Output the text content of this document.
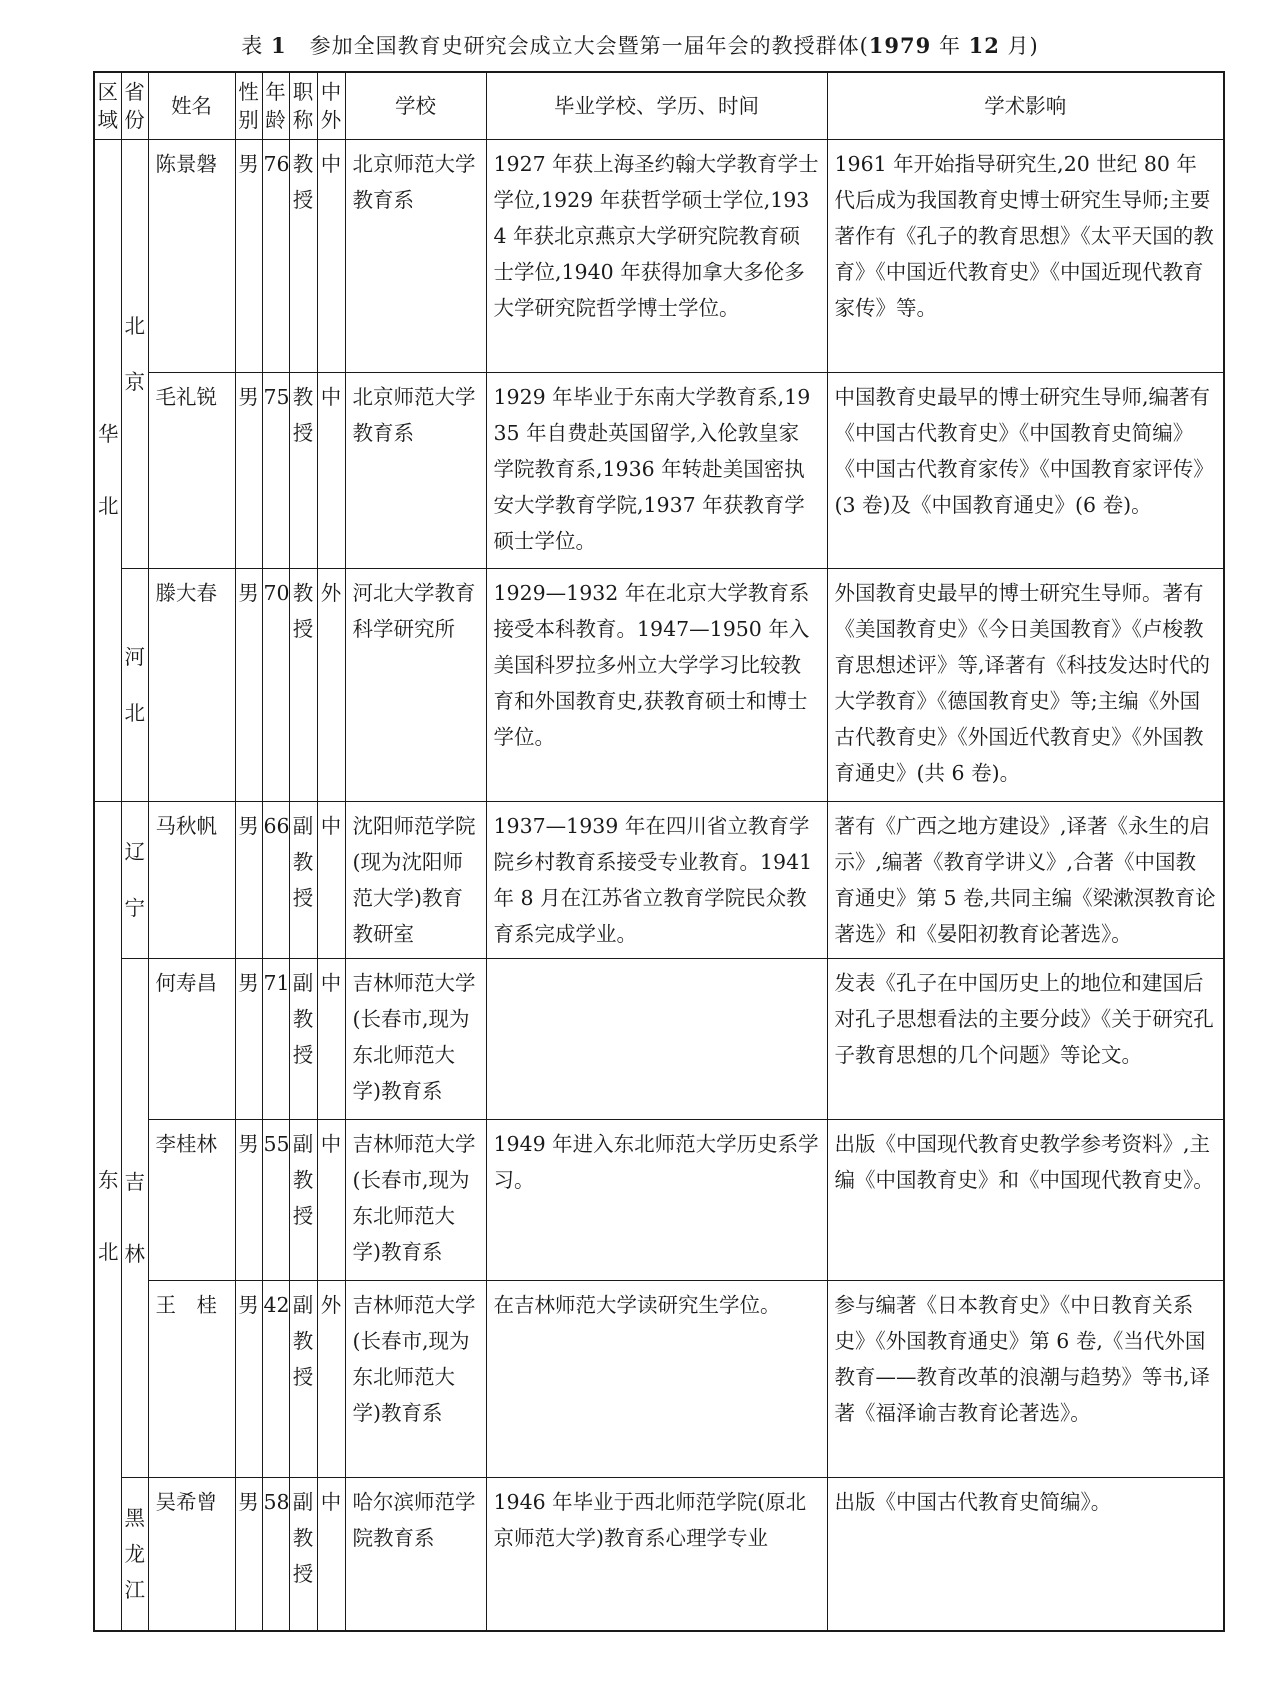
表 1 参加全国教育史研究会成立大会暨第一届年会的教授群体(1979 年 12 月)
区域	省份	姓名	性别	年龄	职称	中外	学校	毕业学校、学历、时间	学术影响
华北	北京	陈景磐	男	76	教授	中	北京师范大学教育系	1927 年获上海圣约翰大学教育学士学位,1929 年获哲学硕士学位,1934 年获北京燕京大学研究院教育硕士学位,1940 年获得加拿大多伦多大学研究院哲学博士学位。	1961 年开始指导研究生,20 世纪 80 年代后成为我国教育史博士研究生导师;主要著作有《孔子的教育思想》《太平天国的教育》《中国近代教育史》《中国近现代教育家传》等。
		毛礼锐	男	75	教授	中	北京师范大学教育系	1929 年毕业于东南大学教育系,1935 年自费赴英国留学,入伦敦皇家学院教育系,1936 年转赴美国密执安大学教育学院,1937 年获教育学硕士学位。	中国教育史最早的博士研究生导师,编著有《中国古代教育史》《中国教育史简编》《中国古代教育家传》《中国教育家评传》(3 卷)及《中国教育通史》(6 卷)。
	河北	滕大春	男	70	教授	外	河北大学教育科学研究所	1929—1932 年在北京大学教育系接受本科教育。1947—1950 年入美国科罗拉多州立大学学习比较教育和外国教育史,获教育硕士和博士学位。	外国教育史最早的博士研究生导师。著有《美国教育史》《今日美国教育》《卢梭教育思想述评》等,译著有《科技发达时代的大学教育》《德国教育史》等;主编《外国古代教育史》《外国近代教育史》《外国教育通史》(共 6 卷)。
东北	辽宁	马秋帆	男	66	副教授	中	沈阳师范学院(现为沈阳师范大学)教育教研室	1937—1939 年在四川省立教育学院乡村教育系接受专业教育。1941 年 8 月在江苏省立教育学院民众教育系完成学业。	著有《广西之地方建设》,译著《永生的启示》,编著《教育学讲义》,合著《中国教育通史》第 5 卷,共同主编《梁漱溟教育论著选》和《晏阳初教育论著选》。
	吉林	何寿昌	男	71	副教授	中	吉林师范大学(长春市,现为东北师范大学)教育系		发表《孔子在中国历史上的地位和建国后对孔子思想看法的主要分歧》《关于研究孔子教育思想的几个问题》等论文。
		李桂林	男	55	副教授	中	吉林师范大学(长春市,现为东北师范大学)教育系	1949 年进入东北师范大学历史系学习。	出版《中国现代教育史教学参考资料》,主编《中国教育史》和《中国现代教育史》。
		王　桂	男	42	副教授	外	吉林师范大学(长春市,现为东北师范大学)教育系	在吉林师范大学读研究生学位。	参与编著《日本教育史》《中日教育关系史》《外国教育通史》第 6 卷,《当代外国教育——教育改革的浪潮与趋势》等书,译著《福泽谕吉教育论著选》。
	黑龙江	吴希曾	男	58	副教授	中	哈尔滨师范学院教育系	1946 年毕业于西北师范学院(原北京师范大学)教育系心理学专业	出版《中国古代教育史简编》。
